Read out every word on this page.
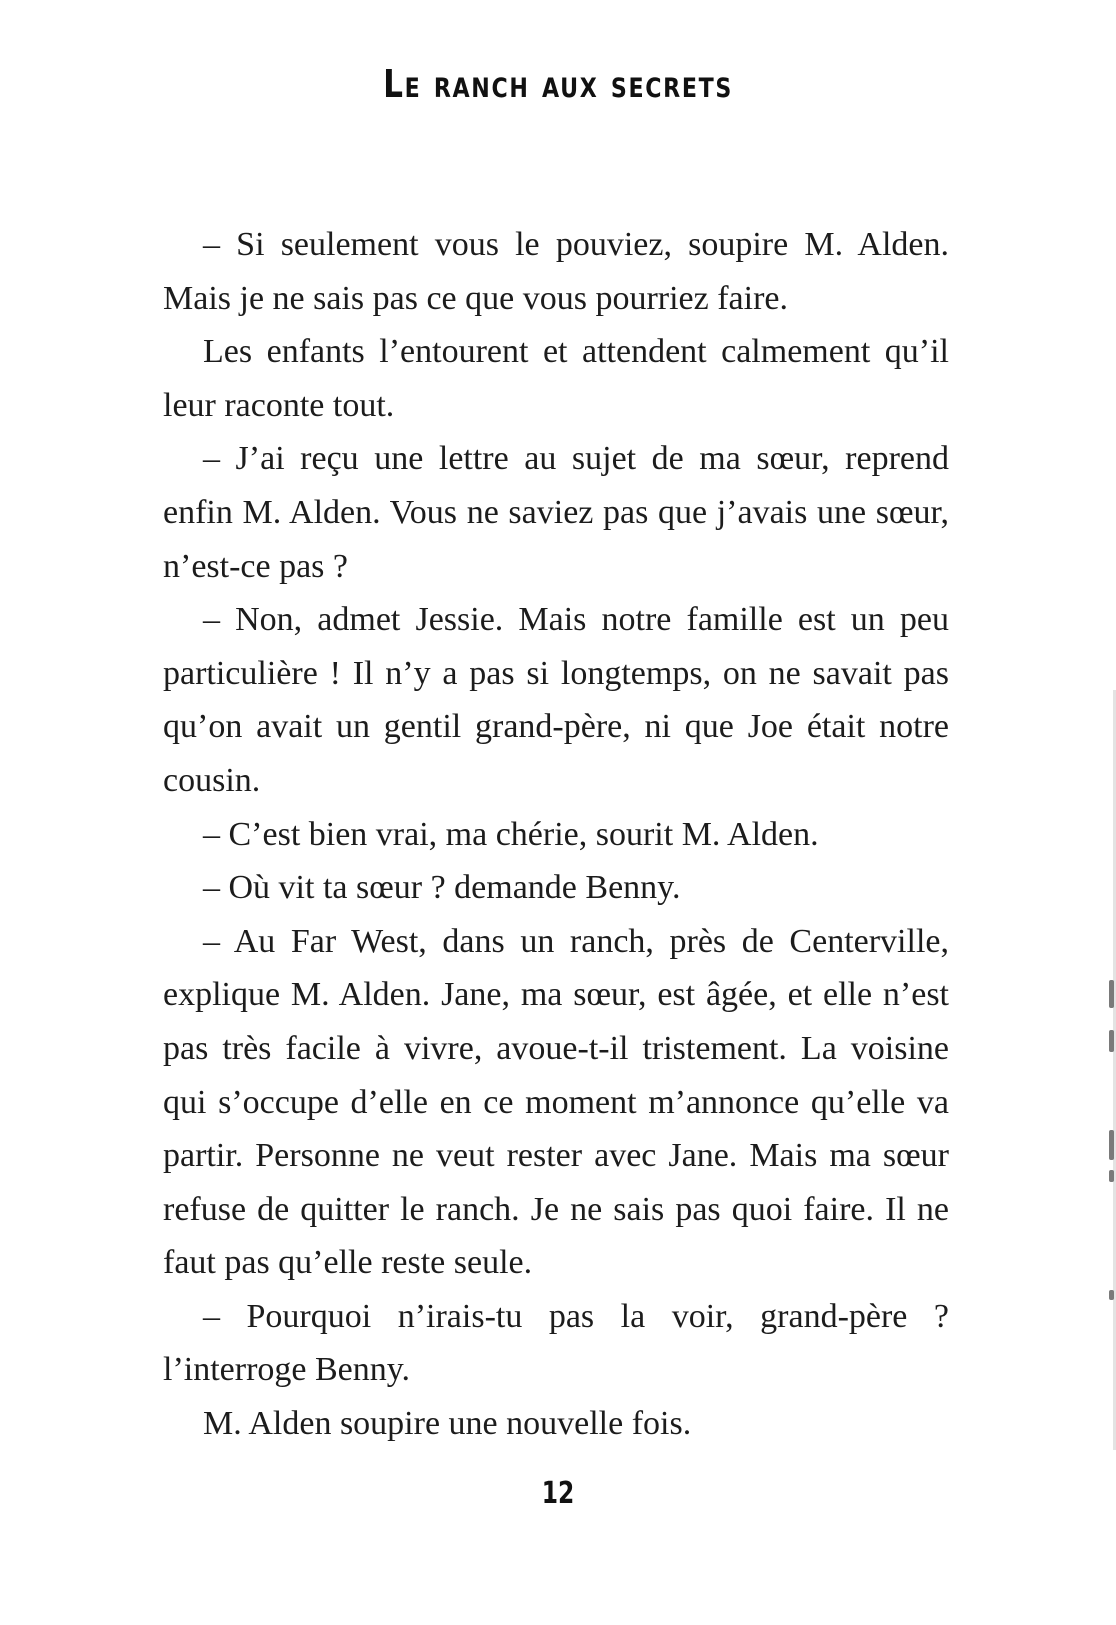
Le ranch aux secrets

– Si seulement vous le pouviez, soupire M. Alden. Mais je ne sais pas ce que vous pourriez faire.

Les enfants l’entourent et attendent calmement qu’il leur raconte tout.

– J’ai reçu une lettre au sujet de ma sœur, reprend enfin M. Alden. Vous ne saviez pas que j’avais une sœur, n’est-ce pas ?

– Non, admet Jessie. Mais notre famille est un peu particulière ! Il n’y a pas si longtemps, on ne savait pas qu’on avait un gentil grand-père, ni que Joe était notre cousin.

– C’est bien vrai, ma chérie, sourit M. Alden.

– Où vit ta sœur ? demande Benny.

– Au Far West, dans un ranch, près de Centerville, explique M. Alden. Jane, ma sœur, est âgée, et elle n’est pas très facile à vivre, avoue-t-il tristement. La voisine qui s’occupe d’elle en ce moment m’annonce qu’elle va partir. Personne ne veut rester avec Jane. Mais ma sœur refuse de quitter le ranch. Je ne sais pas quoi faire. Il ne faut pas qu’elle reste seule.

– Pourquoi n’irais-tu pas la voir, grand-père ? l’interroge Benny.

M. Alden soupire une nouvelle fois.

12
